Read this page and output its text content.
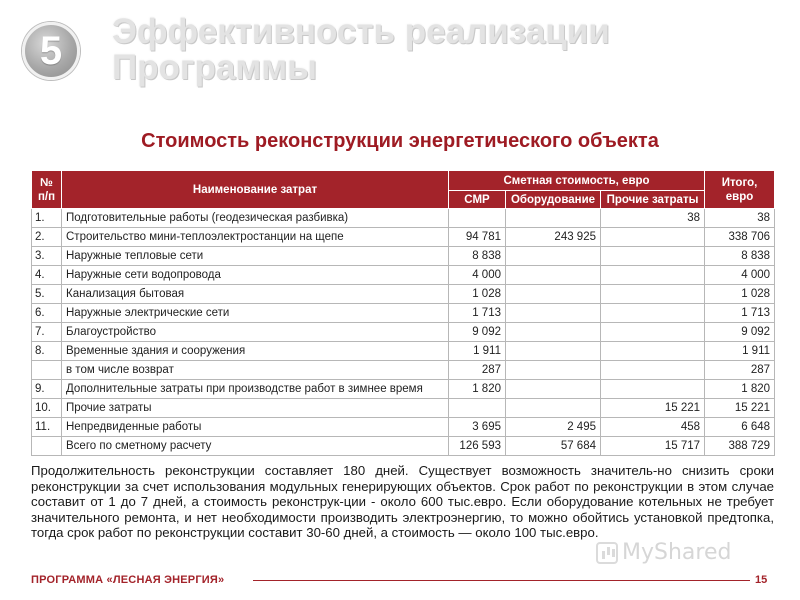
5 Эффективность реализации Программы
Стоимость реконструкции энергетического объекта
№ п/п	Наименование затрат	Сметная стоимость, евро			Итого, евро
		СМР	Оборудование	Прочие затраты	
1.	Подготовительные работы (геодезическая разбивка)			38	38
2.	Строительство мини-теплоэлектростанции на щепе	94 781	243 925		338 706
3.	Наружные тепловые сети	8 838			8 838
4.	Наружные сети водопровода	4 000			4 000
5.	Канализация бытовая	1 028			1 028
6.	Наружные электрические сети	1 713			1 713
7.	Благоустройство	9 092			9 092
8.	Временные здания и сооружения	1 911			1 911
	в том числе возврат	287			287
9.	Дополнительные затраты при производстве работ в зимнее время	1 820			1 820
10.	Прочие затраты			15 221	15 221
11.	Непредвиденные работы	3 695	2 495	458	6 648
	Всего по сметному расчету	126 593	57 684	15 717	388 729
Продолжительность реконструкции составляет 180 дней. Существует возможность значитель-но снизить сроки реконструкции за счет использования модульных генерирующих объектов. Срок работ по реконструкции в этом случае составит от 1 до 7 дней, а стоимость реконструк-ции - около 600 тыс.евро. Если оборудование котельных не требует значительного ремонта, и нет необходимости производить электроэнергию, то можно обойтись установкой предтопка, тогда срок работ по реконструкции составит 30-60 дней, а стоимость — около 100 тыс.евро.
MyShared
ПРОГРАММА «ЛЕСНАЯ ЭНЕРГИЯ»	15
